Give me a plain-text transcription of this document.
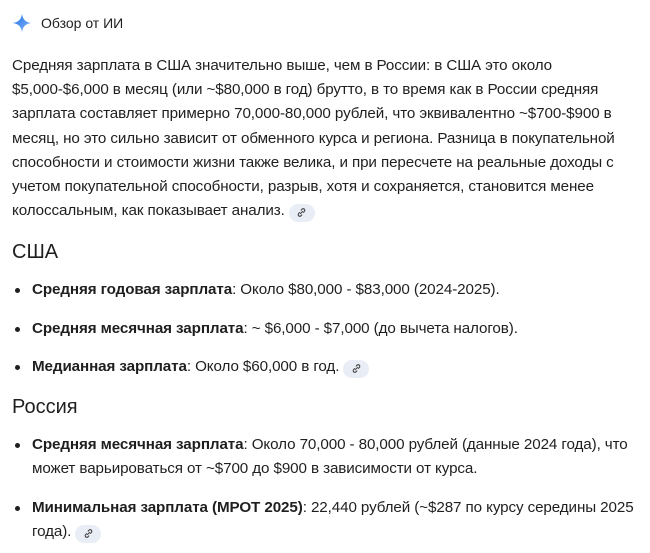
Обзор от ИИ
Средняя зарплата в США значительно выше, чем в России: в США это около $5,000-$6,000 в месяц (или ~$80,000 в год) брутто, в то время как в России средняя зарплата составляет примерно 70,000-80,000 рублей, что эквивалентно ~$700-$900 в месяц, но это сильно зависит от обменного курса и региона. Разница в покупательной способности и стоимости жизни также велика, и при пересчете на реальные доходы с учетом покупательной способности, разрыв, хотя и сохраняется, становится менее колоссальным, как показывает анализ.
США
Средняя годовая зарплата: Около $80,000 - $83,000 (2024-2025).
Средняя месячная зарплата: ~ $6,000 - $7,000 (до вычета налогов).
Медианная зарплата: Около $60,000 в год.
Россия
Средняя месячная зарплата: Около 70,000 - 80,000 рублей (данные 2024 года), что может варьироваться от ~$700 до $900 в зависимости от курса.
Минимальная зарплата (МРОТ 2025): 22,440 рублей (~$287 по курсу середины 2025 года).
